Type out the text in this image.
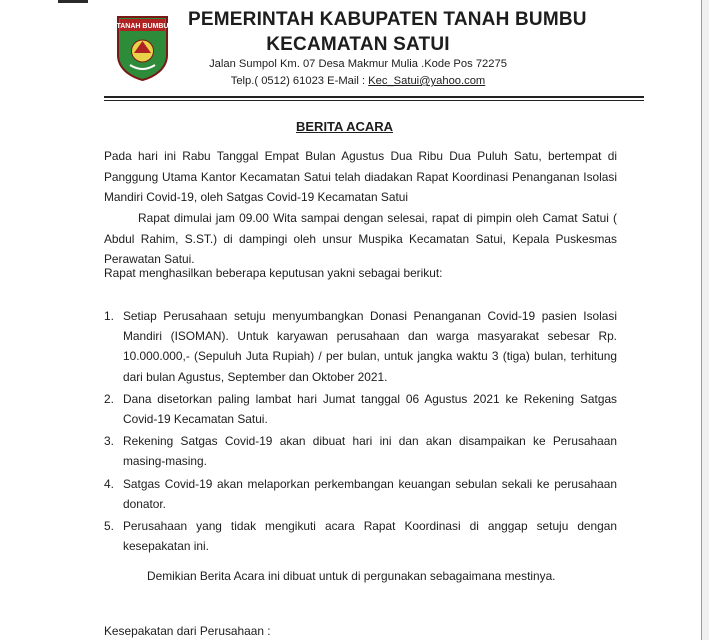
TANAH BUMBU PEMERINTAH KABUPATEN TANAH BUMBU
KECAMATAN SATUI
Jalan Sumpol Km. 07 Desa Makmur Mulia .Kode Pos 72275
Telp.( 0512) 61023 E-Mail : Kec_Satui@yahoo.com
BERITA ACARA
Pada hari ini Rabu Tanggal Empat Bulan Agustus Dua Ribu Dua Puluh Satu, bertempat di Panggung Utama Kantor Kecamatan Satui telah diadakan Rapat Koordinasi Penanganan Isolasi Mandiri Covid-19, oleh Satgas Covid-19 Kecamatan Satui
Rapat dimulai jam 09.00 Wita sampai dengan selesai, rapat di pimpin oleh Camat Satui ( Abdul Rahim, S.ST.) di dampingi oleh unsur Muspika Kecamatan Satui, Kepala Puskesmas Perawatan Satui.
Rapat menghasilkan beberapa keputusan yakni sebagai berikut:
1. Setiap Perusahaan setuju menyumbangkan Donasi Penanganan Covid-19 pasien Isolasi Mandiri (ISOMAN). Untuk karyawan perusahaan dan warga masyarakat sebesar Rp. 10.000.000,- (Sepuluh Juta Rupiah) / per bulan, untuk jangka waktu 3 (tiga) bulan, terhitung dari bulan Agustus, September dan Oktober 2021.
2. Dana disetorkan paling lambat hari Jumat tanggal 06 Agustus 2021 ke Rekening Satgas Covid-19 Kecamatan Satui.
3. Rekening Satgas Covid-19 akan dibuat hari ini dan akan disampaikan ke Perusahaan masing-masing.
4. Satgas Covid-19 akan melaporkan perkembangan keuangan sebulan sekali ke perusahaan donator.
5. Perusahaan yang tidak mengikuti acara Rapat Koordinasi di anggap setuju dengan kesepakatan ini.
Demikian Berita Acara ini dibuat untuk di pergunakan sebagaimana mestinya.
Kesepakatan dari Perusahaan :
